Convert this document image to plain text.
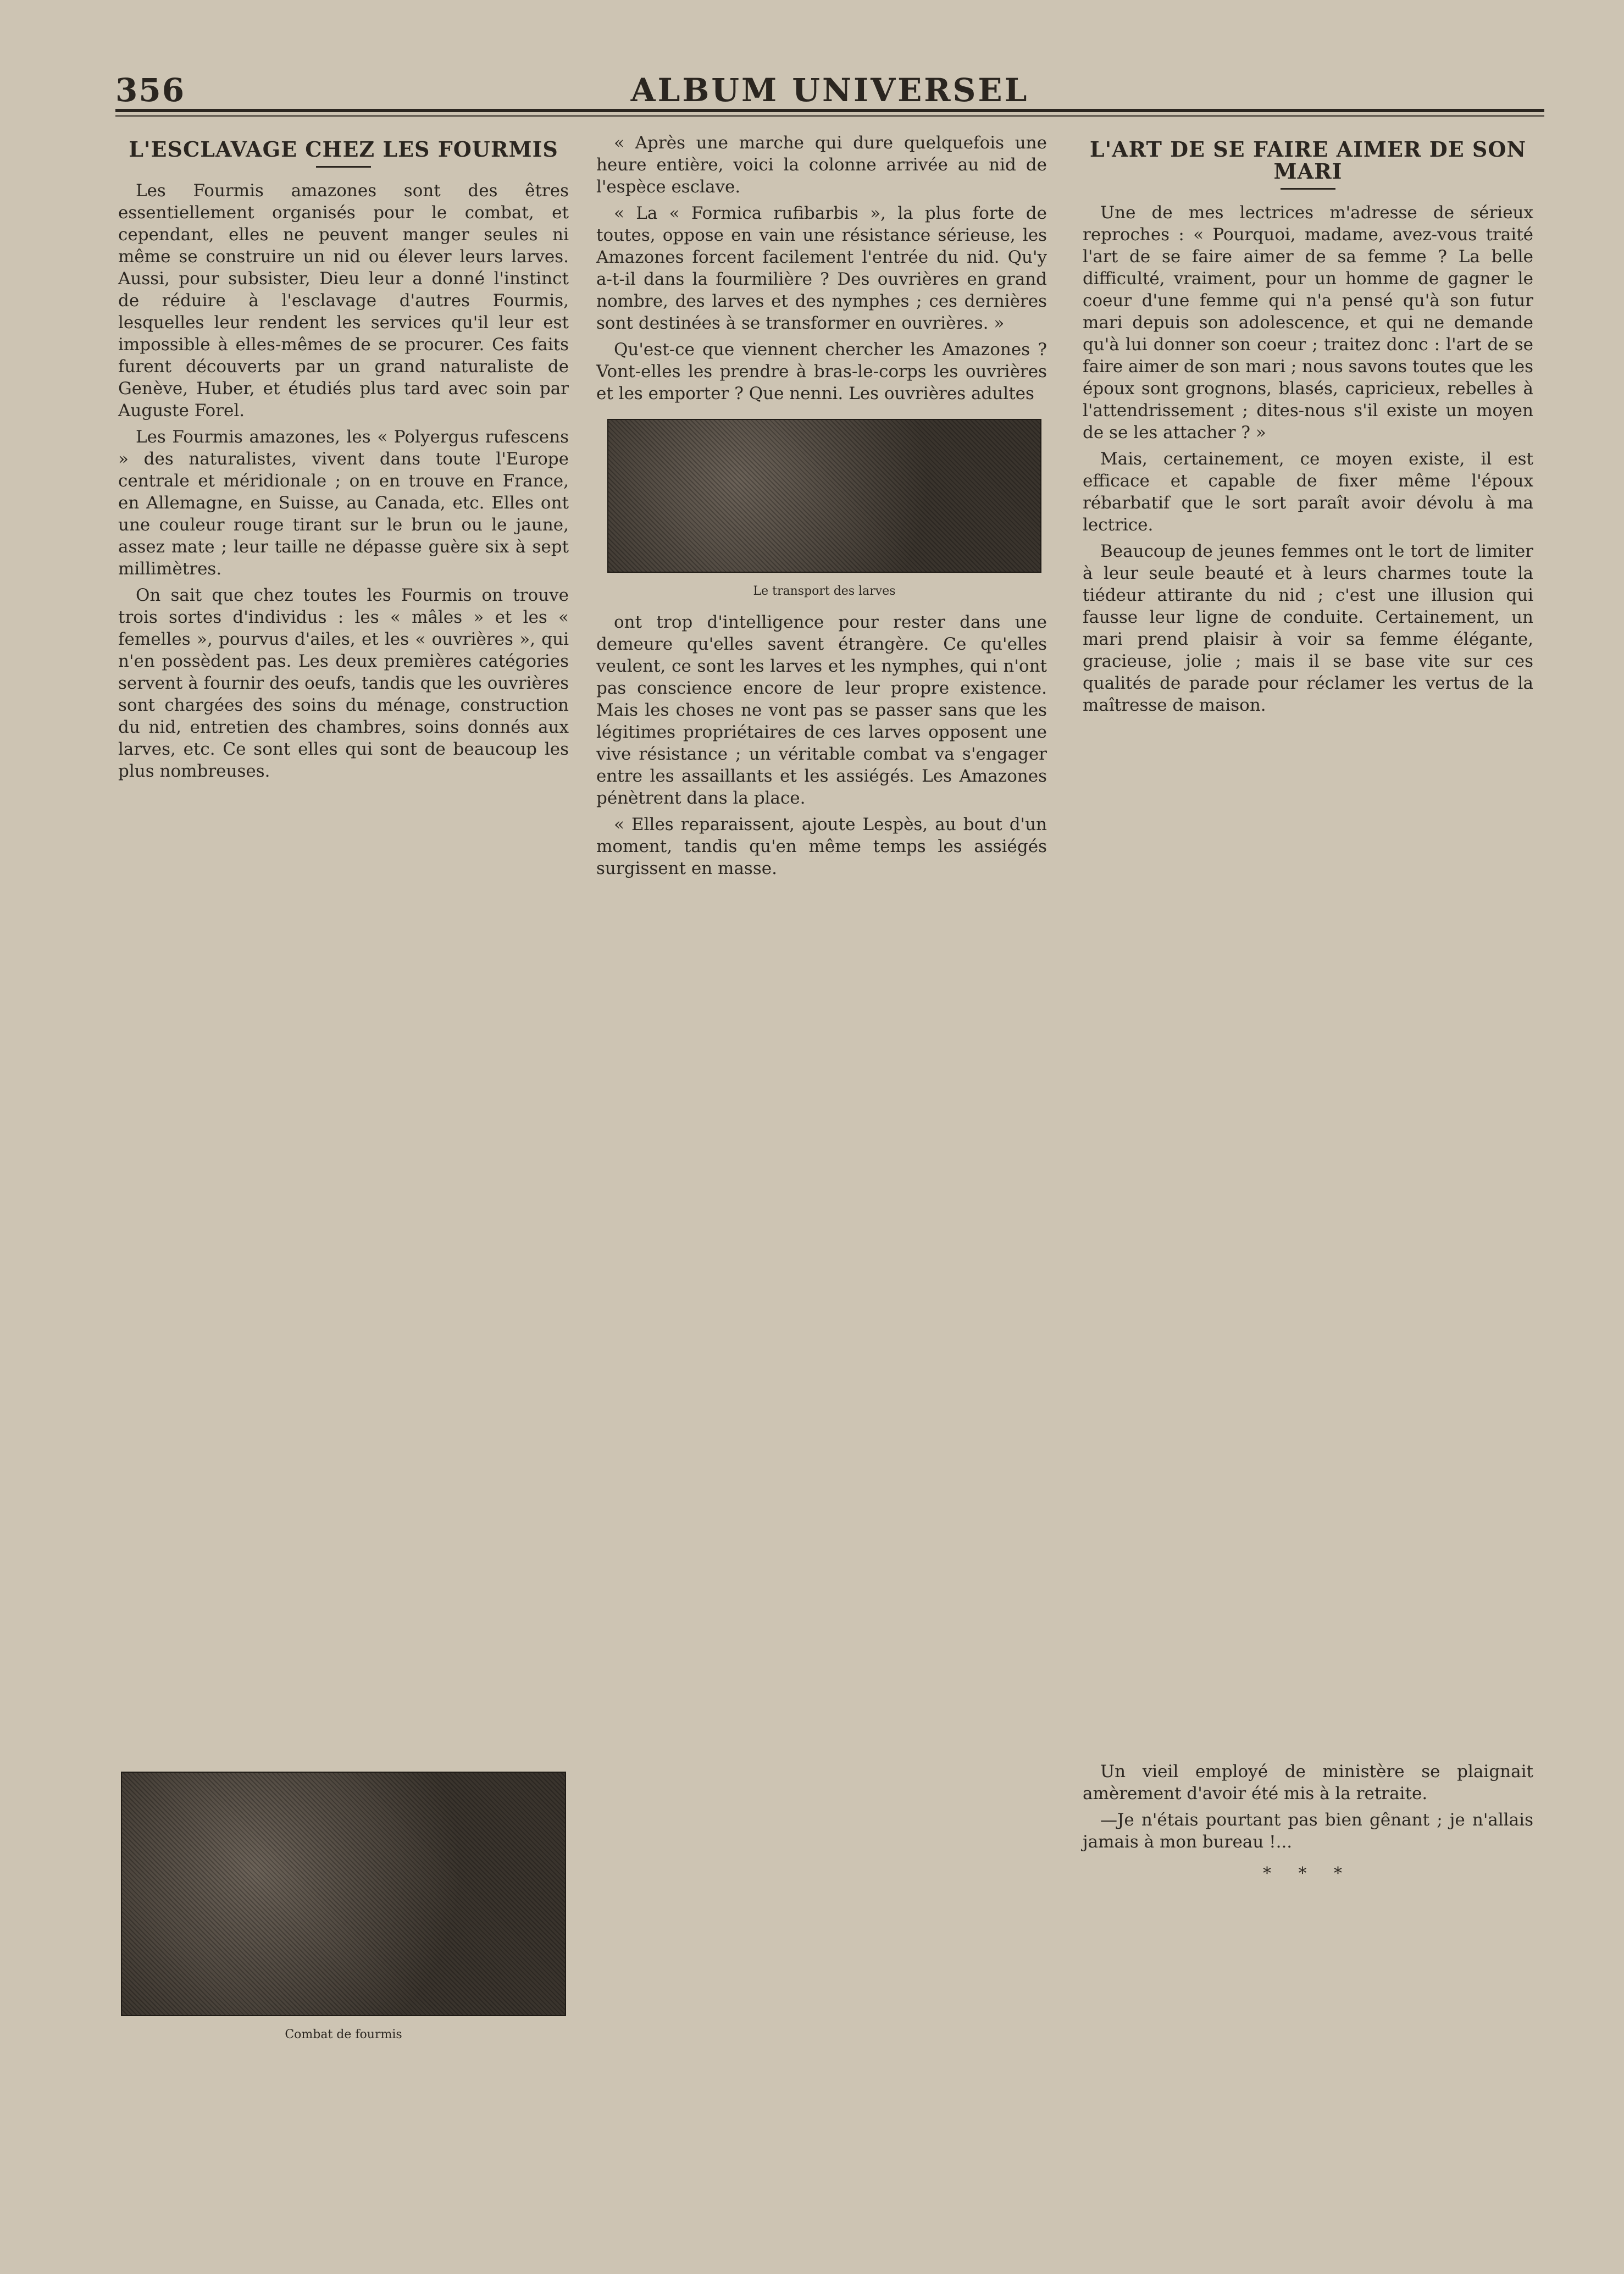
356	ALBUM UNIVERSEL
L'ESCLAVAGE CHEZ LES FOURMIS

Les Fourmis amazones sont des êtres essentiellement organisés pour le combat, et cependant, elles ne peuvent manger seules ni même se construire un nid ou élever leurs larves. Aussi, pour subsister, Dieu leur a donné l'instinct de réduire à l'esclavage d'autres Fourmis, lesquelles leur rendent les services qu'il leur est impossible à elles-mêmes de se procurer. Ces faits furent découverts par un grand naturaliste de Genève, Huber, et étudiés plus tard avec soin par Auguste Forel.

Les Fourmis amazones, les « Polyergus rufescens » des naturalistes, vivent dans toute l'Europe centrale et méridionale ; on en trouve en France, en Allemagne, en Suisse, au Canada, etc. Elles ont une couleur rouge tirant sur le brun ou le jaune, assez mate ; leur taille ne dépasse guère six à sept millimètres.

On sait que chez toutes les Fourmis on trouve trois sortes d'individus : les « mâles » et les « femelles », pourvus d'ailes, et les « ouvrières », qui n'en possèdent pas. Les deux premières catégories servent à fournir des oeufs, tandis que les ouvrières sont chargées des soins du ménage, construction du nid, entretien des chambres, soins donnés aux larves, etc. Ce sont elles qui sont de beaucoup les plus nombreuses.

Combat de fourmis

« Après une marche qui dure quelquefois une heure entière, voici la colonne arrivée au nid de l'espèce esclave.

« La « Formica rufibarbis », la plus forte de toutes, oppose en vain une résistance sérieuse, les Amazones forcent facilement l'entrée du nid. Qu'y a-t-il dans la fourmilière ? Des ouvrières en grand nombre, des larves et des nymphes ; ces dernières sont destinées à se transformer en ouvrières. »

Qu'est-ce que viennent chercher les Amazones ? Vont-elles les prendre à bras-le-corps les ouvrières et les emporter ? Que nenni. Les ouvrières adultes

Le transport des larves

ont trop d'intelligence pour rester dans une demeure qu'elles savent étrangère. Ce qu'elles veulent, ce sont les larves et les nymphes, qui n'ont pas conscience encore de leur propre existence. Mais les choses ne vont pas se passer sans que les légitimes propriétaires de ces larves opposent une vive résistance ; un véritable combat va s'engager entre les assaillants et les assiégés. Les Amazones pénètrent dans la place.

« Elles reparaissent, ajoute Lespès, au bout d'un moment, tandis qu'en même temps les assiégés surgissent en masse.

L'ART DE SE FAIRE AIMER DE SON MARI

Une de mes lectrices m'adresse de sérieux reproches : « Pourquoi, madame, avez-vous traité l'art de se faire aimer de sa femme ? La belle difficulté, vraiment, pour un homme de gagner le coeur d'une femme qui n'a pensé qu'à son futur mari depuis son adolescence, et qui ne demande qu'à lui donner son coeur ; traitez donc : l'art de se faire aimer de son mari ; nous savons toutes que les époux sont grognons, blasés, capricieux, rebelles à l'attendrissement ; dites-nous s'il existe un moyen de se les attacher ? »

Mais, certainement, ce moyen existe, il est efficace et capable de fixer même l'époux rébarbatif que le sort paraît avoir dévolu à ma lectrice.

Beaucoup de jeunes femmes ont le tort de limiter à leur seule beauté et à leurs charmes toute la tiédeur attirante du nid ; c'est une illusion qui fausse leur ligne de conduite. Certainement, un mari prend plaisir à voir sa femme élégante, gracieuse, jolie ; mais il se base vite sur ces qualités de parade pour réclamer les vertus de la maîtresse de maison.

Un vieil employé de ministère se plaignait amèrement d'avoir été mis à la retraite.

—Je n'étais pourtant pas bien gênant ; je n'allais jamais à mon bureau !...

* * *
